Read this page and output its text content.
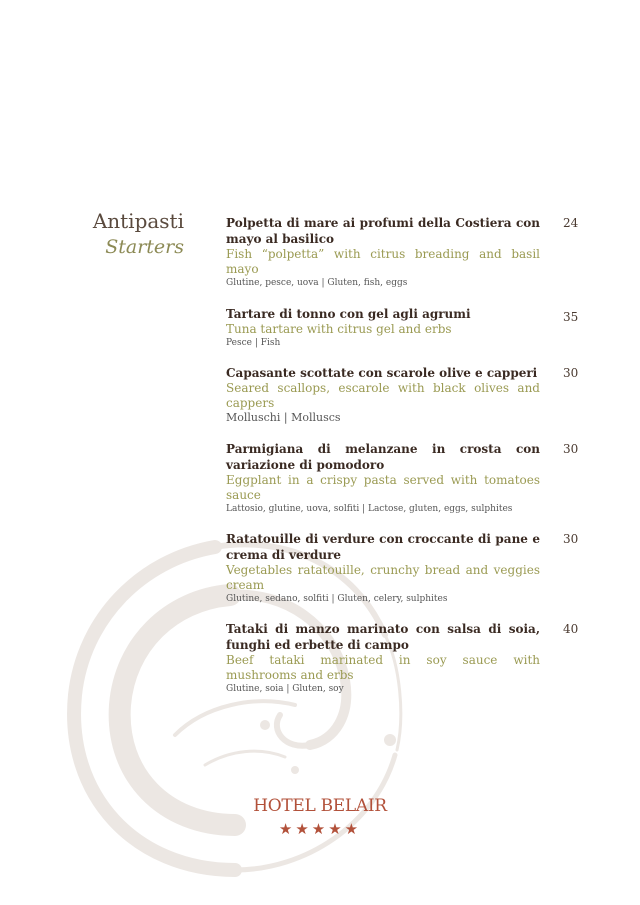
Antipasti
Starters
Polpetta di mare ai profumi della Costiera con mayo al basilico
24
Fish “polpetta” with citrus breading and basil mayo
Glutine, pesce, uova | Gluten, fish, eggs
Tartare di tonno con gel agli agrumi	35
Tuna tartare with citrus gel and erbs
Pesce | Fish
Capasante scottate con scarole olive e capperi 30
Seared scallops, escarole with black olives and cappers
Molluschi | Molluscs
Parmigiana di melanzane in crosta con variazione di pomodoro
30
Eggplant in a crispy pasta served with tomatoes sauce
Lattosio, glutine, uova, solfiti | Lactose, gluten, eggs, sulphites
Ratatouille di verdure con croccante di pane e crema di verdure
30
Vegetables ratatouille, crunchy bread and veggies cream
Glutine, sedano, solfiti | Gluten, celery, sulphites
Tataki di manzo marinato con salsa di soia, funghi ed erbette di campo
40
Beef tataki marinated in soy sauce with mushrooms and erbs
Glutine, soia | Gluten, soy
HOTEL BELAIR
★★★★★
